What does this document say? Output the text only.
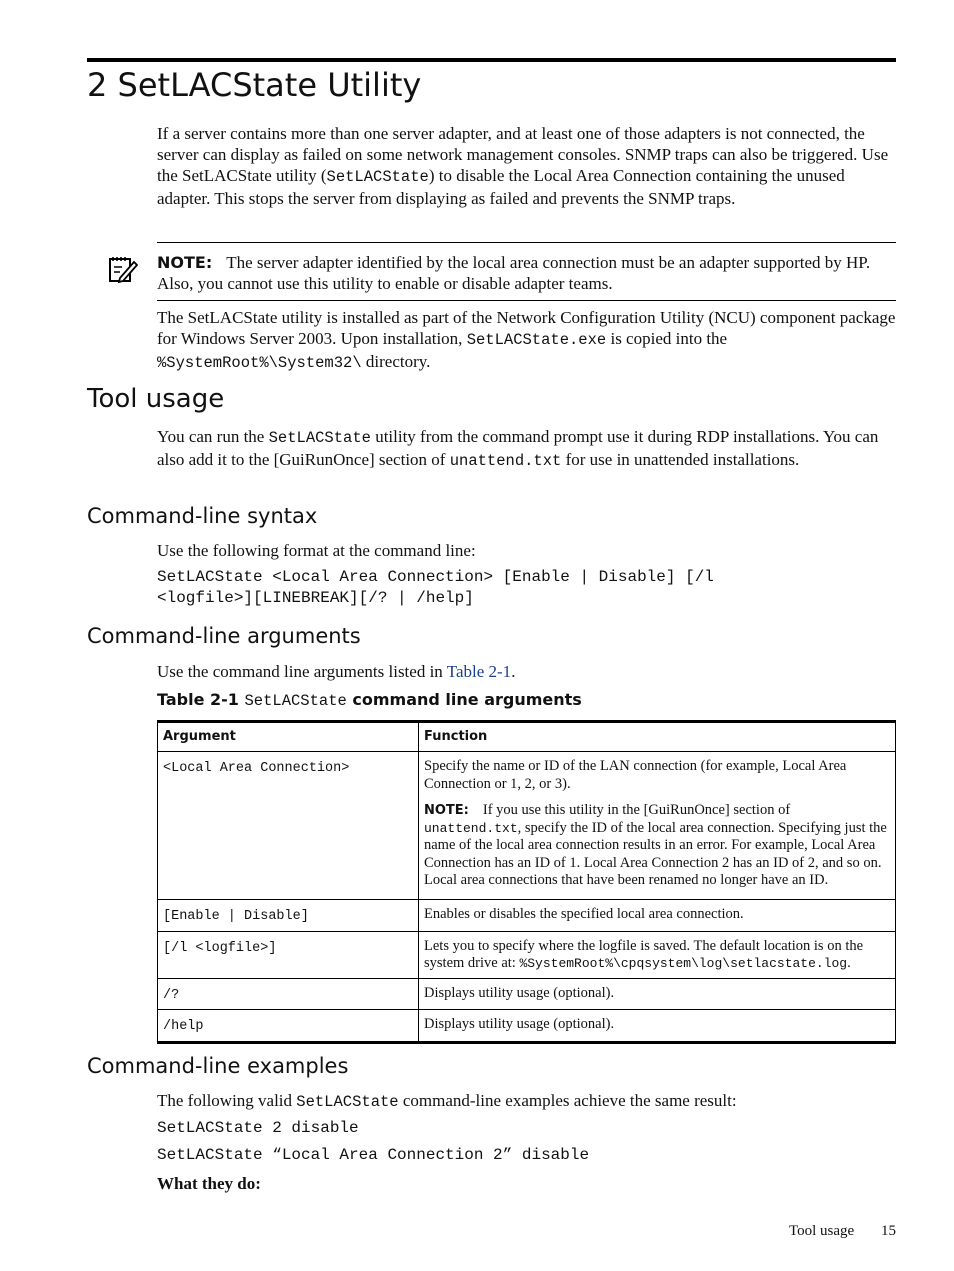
2 SetLACState Utility

If a server contains more than one server adapter, and at least one of those adapters is not connected, the server can display as failed on some network management consoles. SNMP traps can also be triggered. Use the SetLACState utility (SetLACState) to disable the Local Area Connection containing the unused adapter. This stops the server from displaying as failed and prevents the SNMP traps.

NOTE: The server adapter identified by the local area connection must be an adapter supported by HP. Also, you cannot use this utility to enable or disable adapter teams.

The SetLACState utility is installed as part of the Network Configuration Utility (NCU) component package for Windows Server 2003. Upon installation, SetLACState.exe is copied into the %SystemRoot%\System32\ directory.

Tool usage

You can run the SetLACState utility from the command prompt use it during RDP installations. You can also add it to the [GuiRunOnce] section of unattend.txt for use in unattended installations.

Command-line syntax
Use the following format at the command line:
SetLACState <Local Area Connection> [Enable | Disable] [/l
<logfile>][LINEBREAK][/? | /help]
Command-line arguments

Use the command line arguments listed in Table 2-1.

Table 2-1 SetLACState command line arguments
Argument	Function
<Local Area Connection>	Specify the name or ID of the LAN connection (for example, Local Area Connection or 1, 2, or 3).
NOTE: If you use this utility in the [GuiRunOnce] section of unattend.txt, specify the ID of the local area connection. Specifying just the name of the local area connection results in an error. For example, Local Area Connection has an ID of 1. Local Area Connection 2 has an ID of 2, and so on. Local area connections that have been renamed no longer have an ID.

[Enable | Disable]	Enables or disables the specified local area connection.
[/l <logfile>]	Lets you to specify where the logfile is saved. The default location is on the system drive at: %SystemRoot%\cpqsystem\log\setlacstate.log.
/?	Displays utility usage (optional).
/help	Displays utility usage (optional).
Command-line examples

The following valid SetLACState command-line examples achieve the same result:

SetLACState 2 disable
SetLACState “Local Area Connection 2” disable
What they do:
Tool usage 15
